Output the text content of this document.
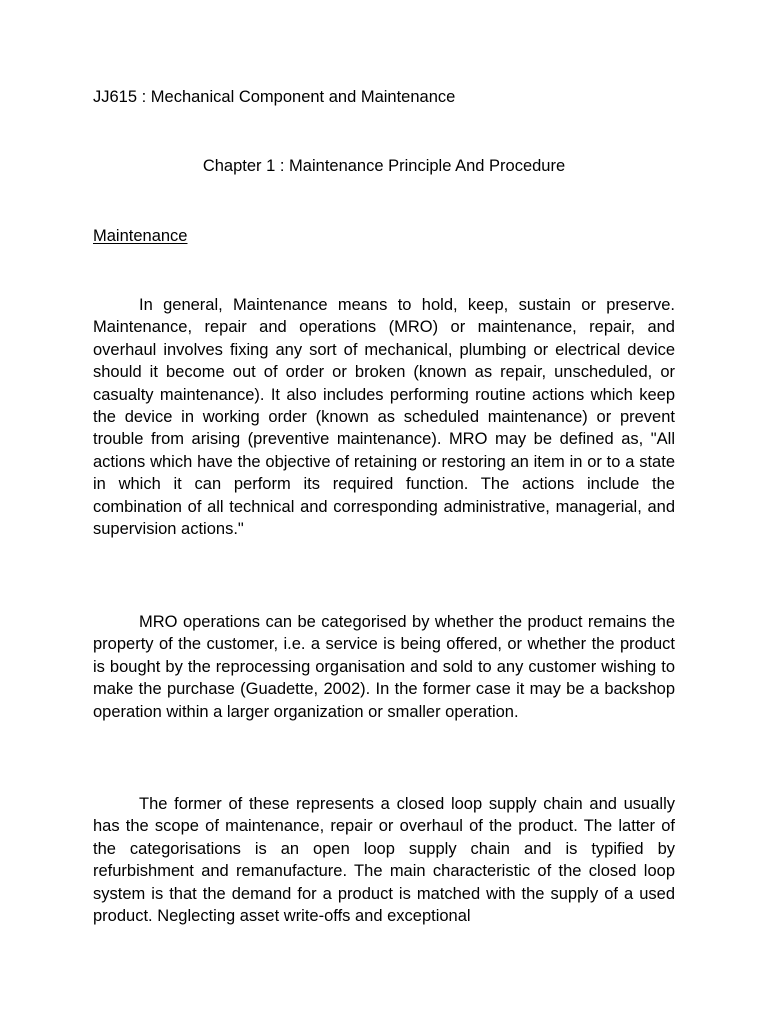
JJ615 : Mechanical Component and Maintenance
Chapter 1 : Maintenance Principle And Procedure
Maintenance

In general, Maintenance means to hold, keep, sustain or preserve. Maintenance, repair and operations (MRO) or maintenance, repair, and overhaul involves fixing any sort of mechanical, plumbing or electrical device should it become out of order or broken (known as repair, unscheduled, or casualty maintenance). It also includes performing routine actions which keep the device in working order (known as scheduled maintenance) or prevent trouble from arising (preventive maintenance). MRO may be defined as, "All actions which have the objective of retaining or restoring an item in or to a state in which it can perform its required function. The actions include the combination of all technical and corresponding administrative, managerial, and supervision actions."

MRO operations can be categorised by whether the product remains the property of the customer, i.e. a service is being offered, or whether the product is bought by the reprocessing organisation and sold to any customer wishing to make the purchase (Guadette, 2002). In the former case it may be a backshop operation within a larger organization or smaller operation.

The former of these represents a closed loop supply chain and usually has the scope of maintenance, repair or overhaul of the product. The latter of the categorisations is an open loop supply chain and is typified by refurbishment and remanufacture. The main characteristic of the closed loop system is that the demand for a product is matched with the supply of a used product. Neglecting asset write-offs and exceptional
